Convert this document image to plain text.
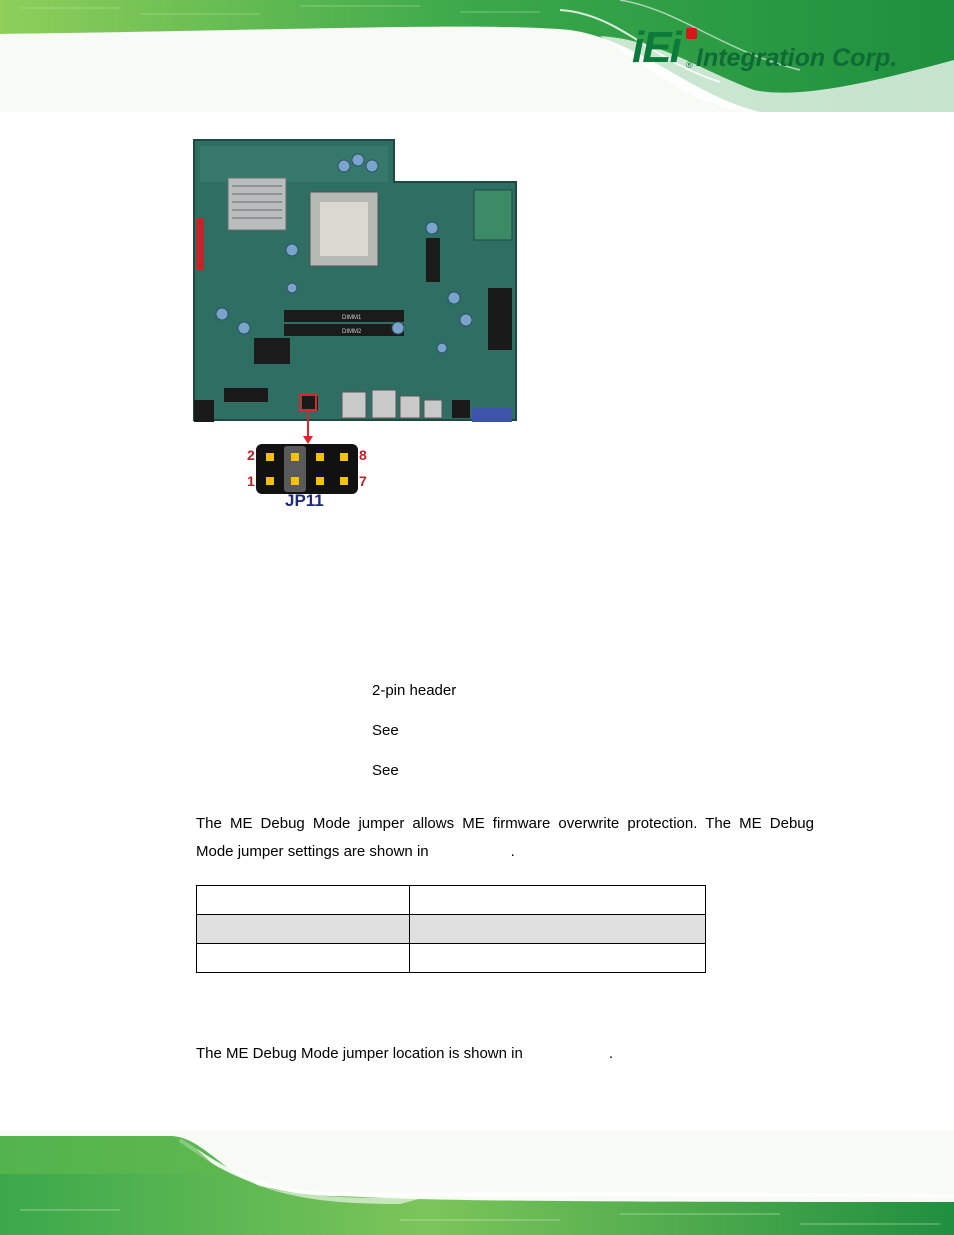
iEi ® Integration Corp.
DIMM1
DIMM2
2
1
8
7
JP11
2-pin header
See
See
The ME Debug Mode jumper allows ME firmware overwrite protection. The ME Debug
Mode jumper settings are shown in	.

The ME Debug Mode jumper location is shown in	.
